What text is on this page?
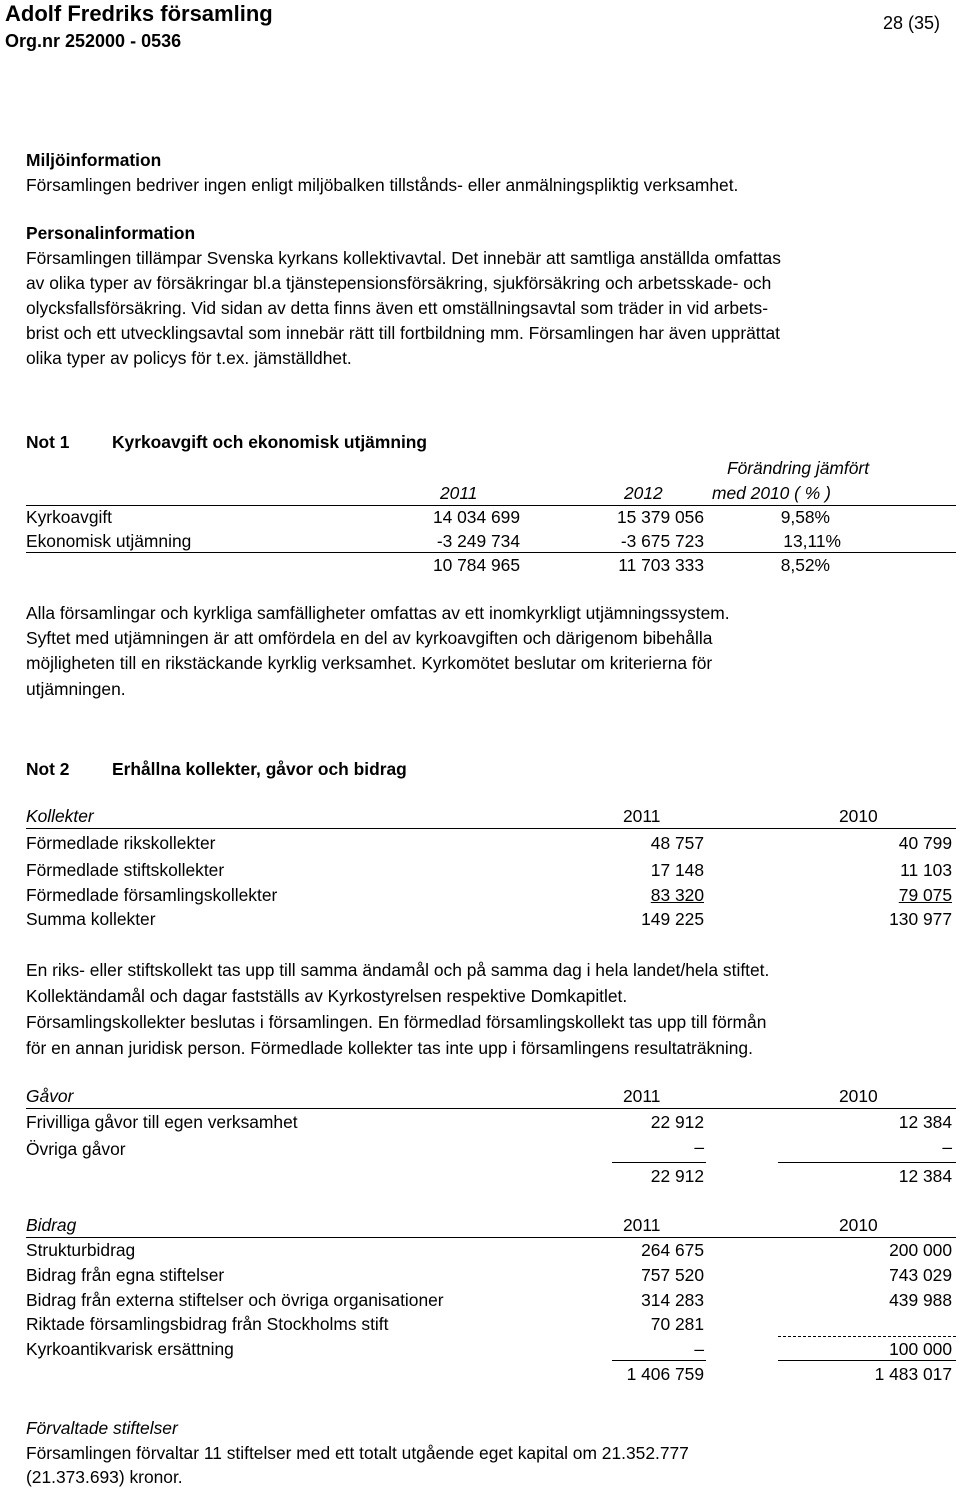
Adolf Fredriks församling
Org.nr 252000 - 0536
28 (35)
Miljöinformation
Församlingen bedriver ingen enligt miljöbalken tillstånds- eller anmälningspliktig verksamhet.
Personalinformation
Församlingen tillämpar Svenska kyrkans kollektivavtal. Det innebär att samtliga anställda omfattas
av olika typer av försäkringar bl.a tjänstepensionsförsäkring, sjukförsäkring och arbetsskade- och
olycksfallsförsäkring. Vid sidan av detta finns även ett omställningsavtal som träder in vid arbets-
brist och ett utvecklingsavtal som innebär rätt till fortbildning mm. Församlingen har även upprättat
olika typer av policys för t.ex. jämställdhet.
Not 1 Kyrkoavgift och ekonomisk utjämning
Förändring jämfört
2011	2012	med 2010 ( % )
Kyrkoavgift	14 034 699	15 379 056	9,58%
Ekonomisk utjämning	-3 249 734	-3 675 723	13,11%
10 784 965	11 703 333	8,52%
Alla församlingar och kyrkliga samfälligheter omfattas av ett inomkyrkligt utjämningssystem.
Syftet med utjämningen är att omfördela en del av kyrkoavgiften och därigenom bibehålla
möjligheten till en rikstäckande kyrklig verksamhet. Kyrkomötet beslutar om kriterierna för
utjämningen.
Not 2 Erhållna kollekter, gåvor och bidrag
Kollekter	2011	2010
Förmedlade rikskollekter	48 757	40 799
Förmedlade stiftskollekter	17 148	11 103
Förmedlade församlingskollekter	83 320	79 075
Summa kollekter	149 225	130 977
En riks- eller stiftskollekt tas upp till samma ändamål och på samma dag i hela landet/hela stiftet.
Kollektändamål och dagar fastställs av Kyrkostyrelsen respektive Domkapitlet.
Församlingskollekter beslutas i församlingen. En förmedlad församlingskollekt tas upp till förmån
för en annan juridisk person. Förmedlade kollekter tas inte upp i församlingens resultaträkning.
Gåvor	2011	2010
Frivilliga gåvor till egen verksamhet	22 912	12 384
Övriga gåvor	–	–
22 912	12 384
Bidrag	2011	2010
Strukturbidrag	264 675	200 000
Bidrag från egna stiftelser	757 520	743 029
Bidrag från externa stiftelser och övriga organisationer	314 283	439 988
Riktade församlingsbidrag från Stockholms stift	70 281
Kyrkoantikvarisk ersättning	–	100 000
1 406 759	1 483 017
Förvaltade stiftelser
Församlingen förvaltar 11 stiftelser med ett totalt utgående eget kapital om 21.352.777
(21.373.693) kronor.
